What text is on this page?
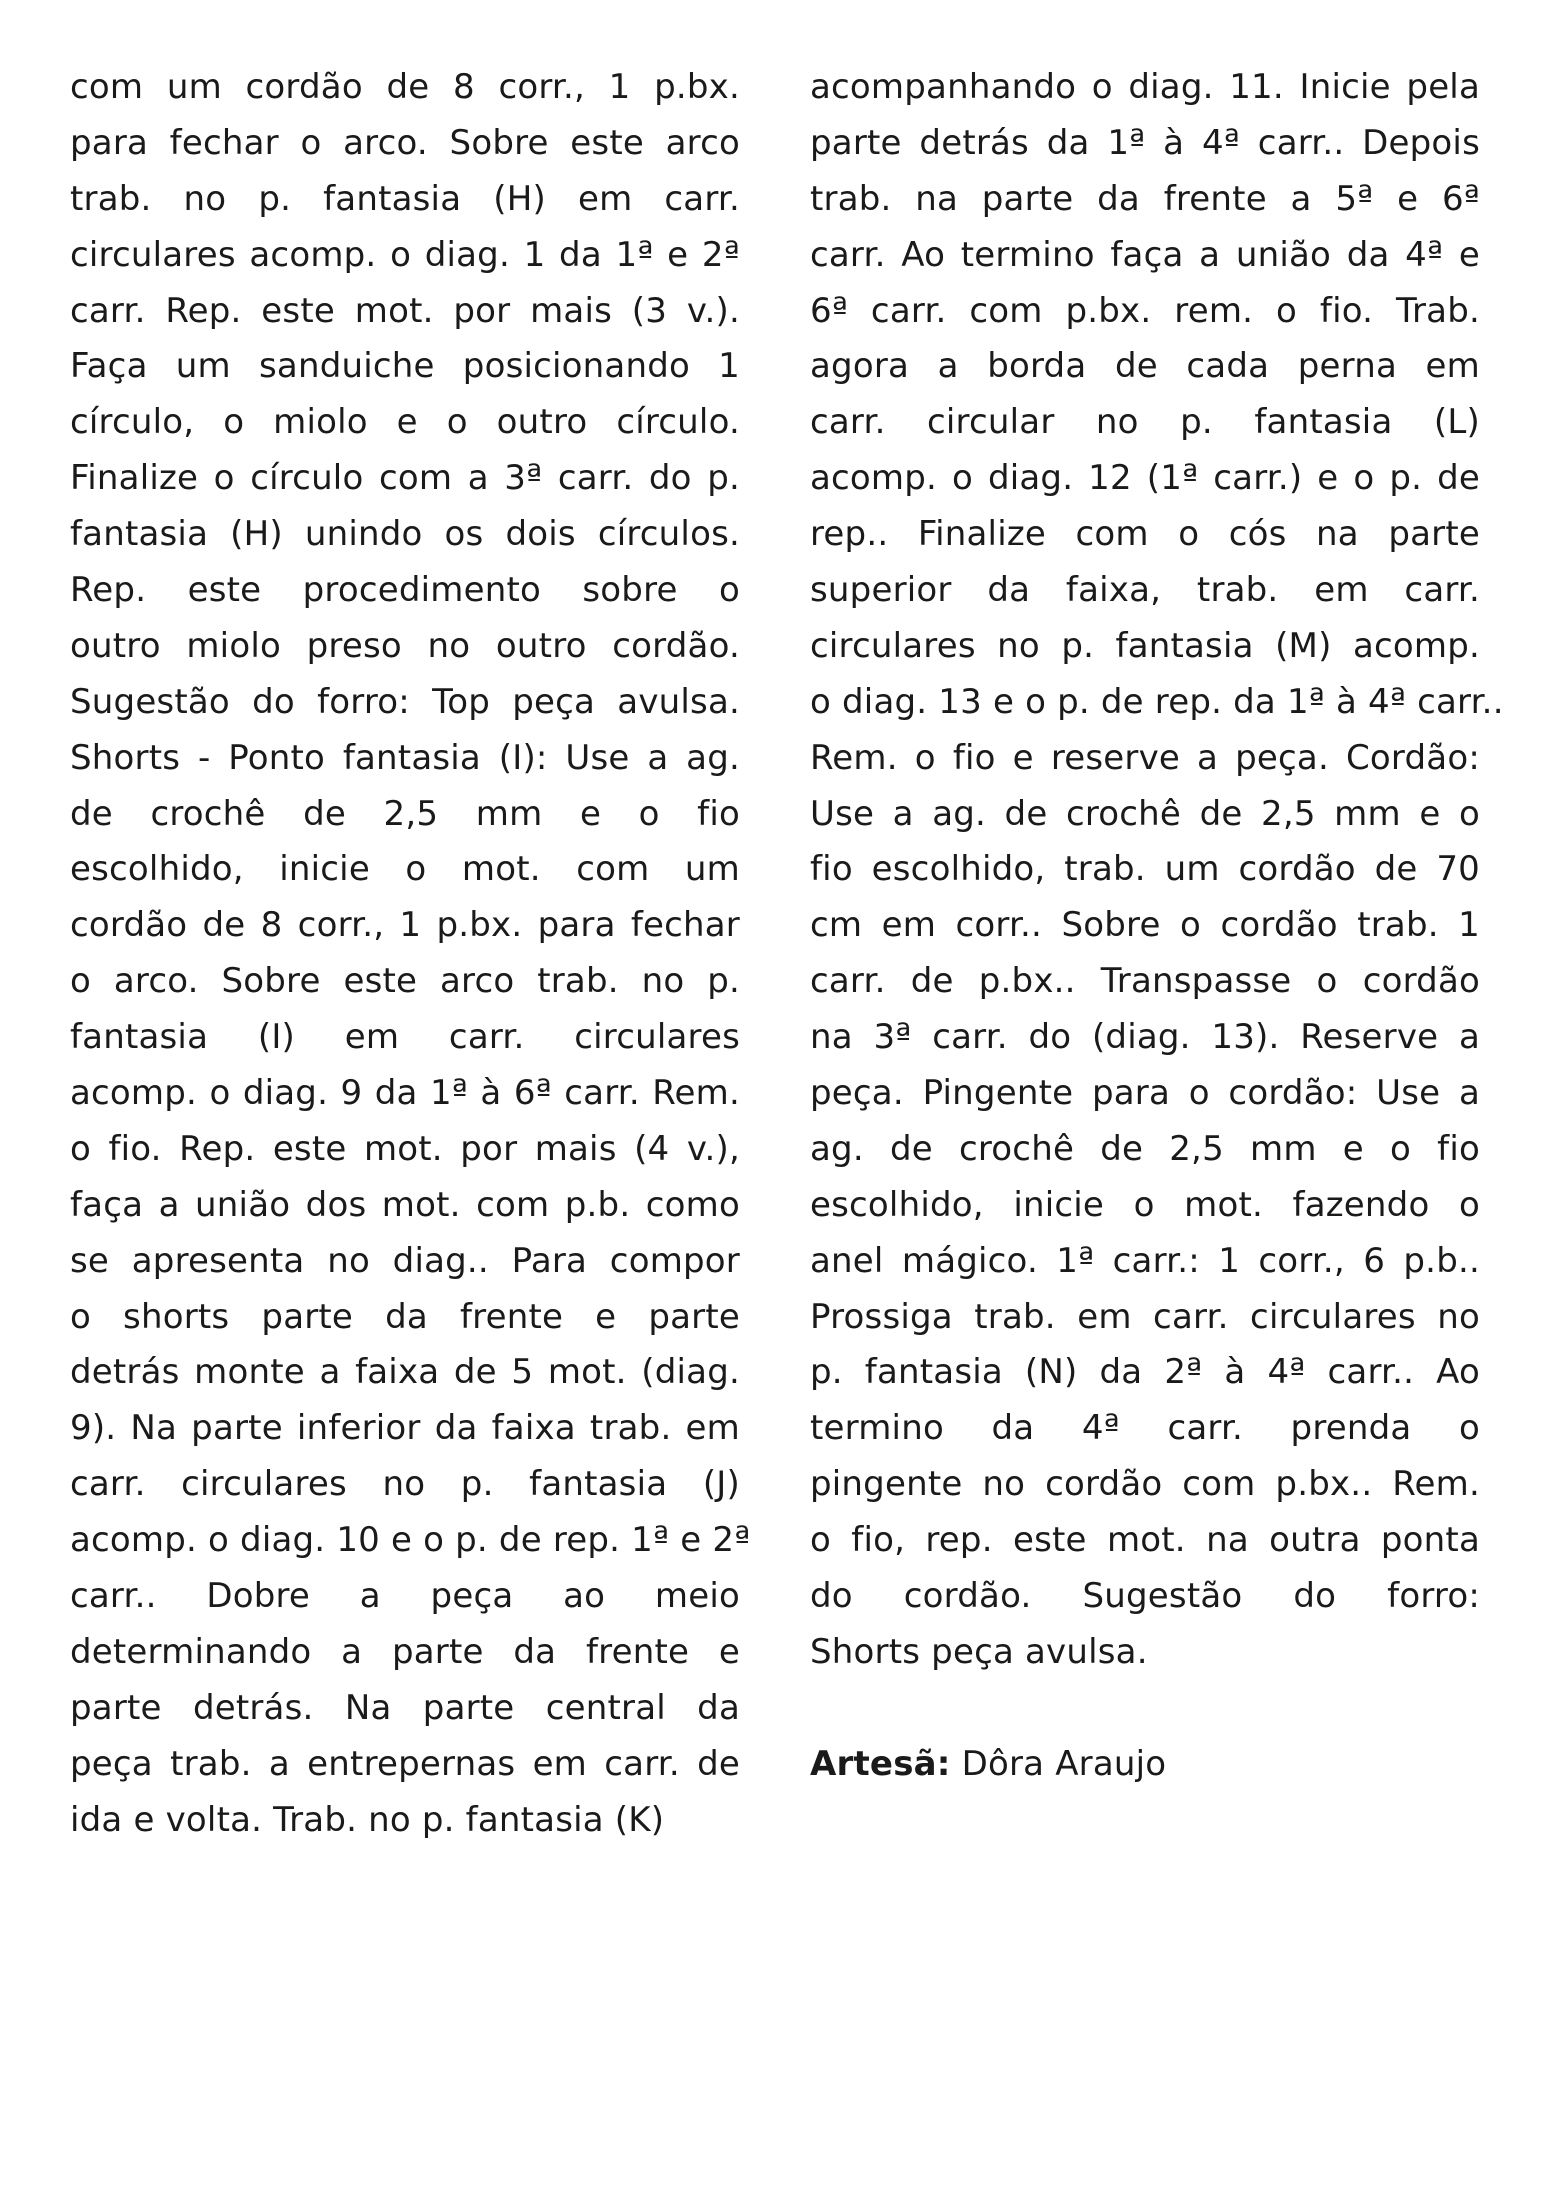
com um cordão de 8 corr., 1 p.bx.
para fechar o arco. Sobre este arco
trab. no p. fantasia (H) em carr.
circulares acomp. o diag. 1 da 1ª e 2ª
carr. Rep. este mot. por mais (3 v.).
Faça um sanduiche posicionando 1
círculo, o miolo e o outro círculo.
Finalize o círculo com a 3ª carr. do p.
fantasia (H) unindo os dois círculos.
Rep. este procedimento sobre o
outro miolo preso no outro cordão.
Sugestão do forro: Top peça avulsa.
Shorts - Ponto fantasia (I): Use a ag.
de crochê de 2,5 mm e o fio
escolhido, inicie o mot. com um
cordão de 8 corr., 1 p.bx. para fechar
o arco. Sobre este arco trab. no p.
fantasia (I) em carr. circulares
acomp. o diag. 9 da 1ª à 6ª carr. Rem.
o fio. Rep. este mot. por mais (4 v.),
faça a união dos mot. com p.b. como
se apresenta no diag.. Para compor
o shorts parte da frente e parte
detrás monte a faixa de 5 mot. (diag.
9). Na parte inferior da faixa trab. em
carr. circulares no p. fantasia (J)
acomp. o diag. 10 e o p. de rep. 1ª e 2ª
carr.. Dobre a peça ao meio
determinando a parte da frente e
parte detrás. Na parte central da
peça trab. a entrepernas em carr. de
ida e volta. Trab. no p. fantasia (K)
acompanhando o diag. 11. Inicie pela
parte detrás da 1ª à 4ª carr.. Depois
trab. na parte da frente a 5ª e 6ª
carr. Ao termino faça a união da 4ª e
6ª carr. com p.bx. rem. o fio. Trab.
agora a borda de cada perna em
carr. circular no p. fantasia (L)
acomp. o diag. 12 (1ª carr.) e o p. de
rep.. Finalize com o cós na parte
superior da faixa, trab. em carr.
circulares no p. fantasia (M) acomp.
o diag. 13 e o p. de rep. da 1ª à 4ª carr..
Rem. o fio e reserve a peça. Cordão:
Use a ag. de crochê de 2,5 mm e o
fio escolhido, trab. um cordão de 70
cm em corr.. Sobre o cordão trab. 1
carr. de p.bx.. Transpasse o cordão
na 3ª carr. do (diag. 13). Reserve a
peça. Pingente para o cordão: Use a
ag. de crochê de 2,5 mm e o fio
escolhido, inicie o mot. fazendo o
anel mágico. 1ª carr.: 1 corr., 6 p.b..
Prossiga trab. em carr. circulares no
p. fantasia (N) da 2ª à 4ª carr.. Ao
termino da 4ª carr. prenda o
pingente no cordão com p.bx.. Rem.
o fio, rep. este mot. na outra ponta
do cordão. Sugestão do forro:
Shorts peça avulsa.
Artesã: Dôra Araujo
